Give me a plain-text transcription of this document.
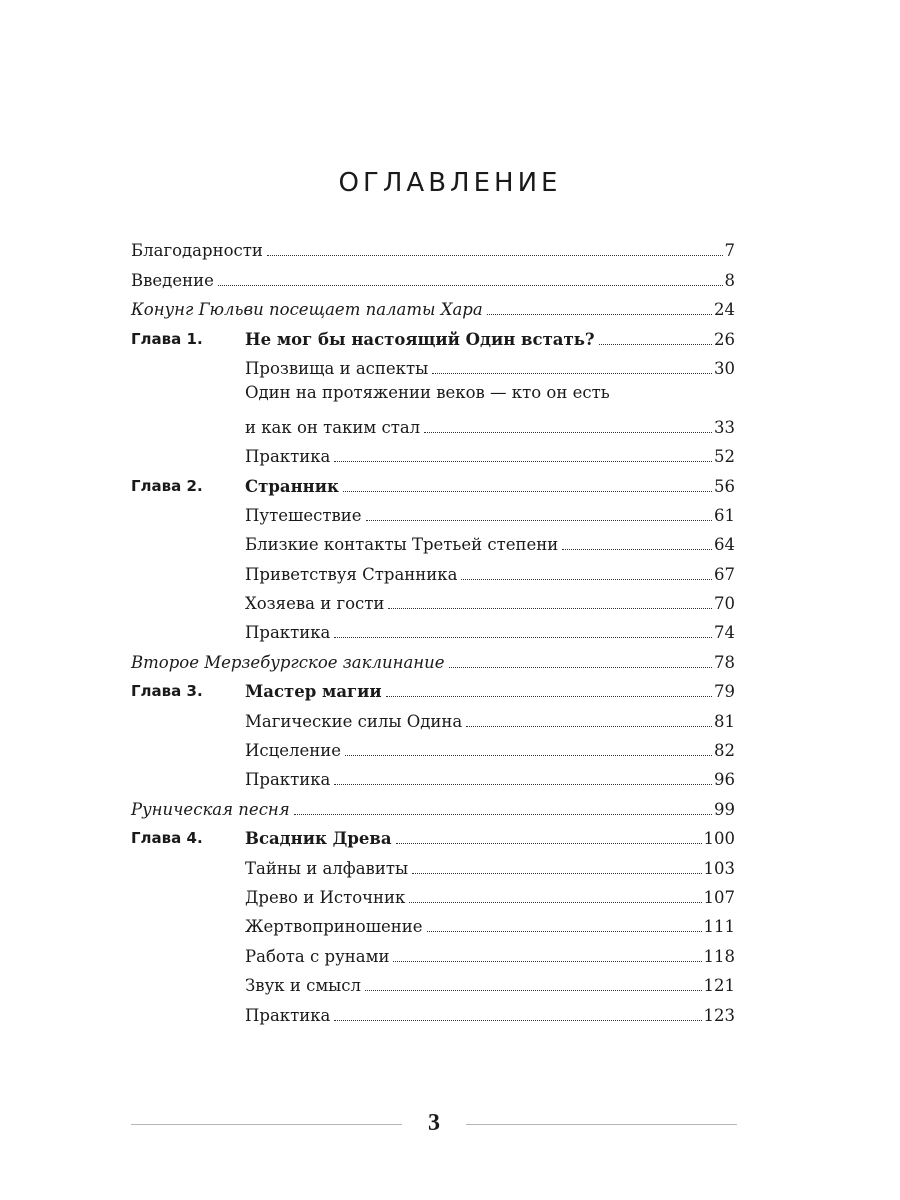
ОГЛАВЛЕНИЕ
Благодарности	7
Введение	8
Конунг Гюльви посещает палаты Хара	24
Глава 1.	Не мог бы настоящий Один встать?	26
Прозвища и аспекты	30
Один на протяжении веков — кто он есть
и как он таким стал	33
Практика	52
Глава 2.	Странник	56
Путешествие	61
Близкие контакты Третьей степени	64
Приветствуя Странника	67
Хозяева и гости	70
Практика	74
Второе Мерзебургское заклинание	78
Глава 3.	Мастер магии	79
Магические силы Одина	81
Исцеление	82
Практика	96
Руническая песня	99
Глава 4.	Всадник Древа	100
Тайны и алфавиты	103
Древо и Источник	107
Жертвоприношение	111
Работа с рунами	118
Звук и смысл	121
Практика	123
3
